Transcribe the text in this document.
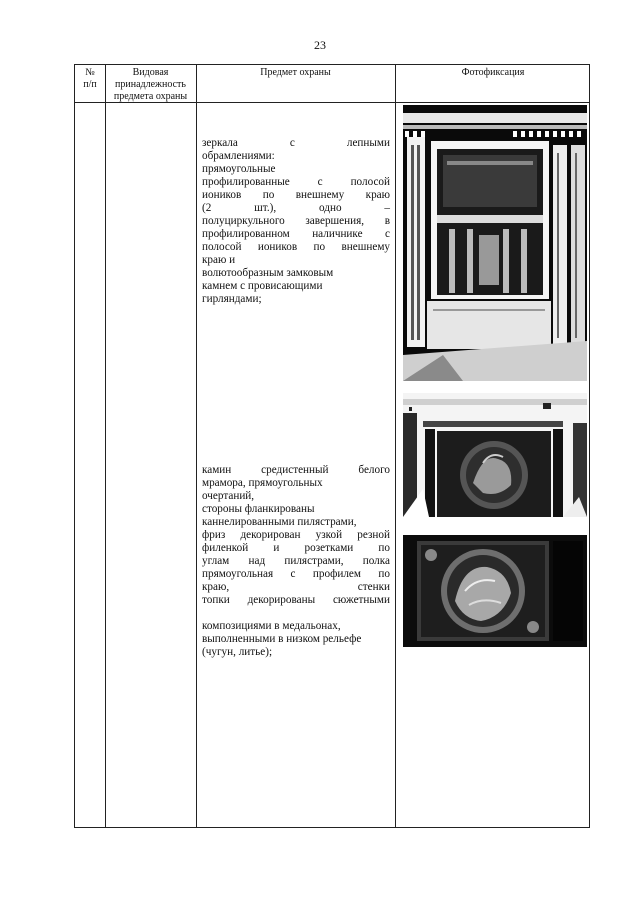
23
№
п/п
Видовая
принадлежность
предмета охраны
Предмет охраны	Фотофиксация
зеркала с лепными
обрамлениями:
прямоугольные
профилированные с полосой
иоников по внешнему краю
(2 шт.), одно –
полуциркульного завершения, в
профилированном наличнике с
полосой иоников по внешнему
краю и
волютообразным замковым
камнем с провисающими
гирляндами;
камин средистенный белого
мрамора, прямоугольных
очертаний,
стороны фланкированы
каннелированными пилястрами,
фриз декорирован узкой резной
филенкой и розетками по
углам над пилястрами, полка
прямоугольная с профилем по
краю, стенки
топки декорированы сюжетными
композициями в медальонах,
выполненными в низком рельефе
(чугун, литье);
